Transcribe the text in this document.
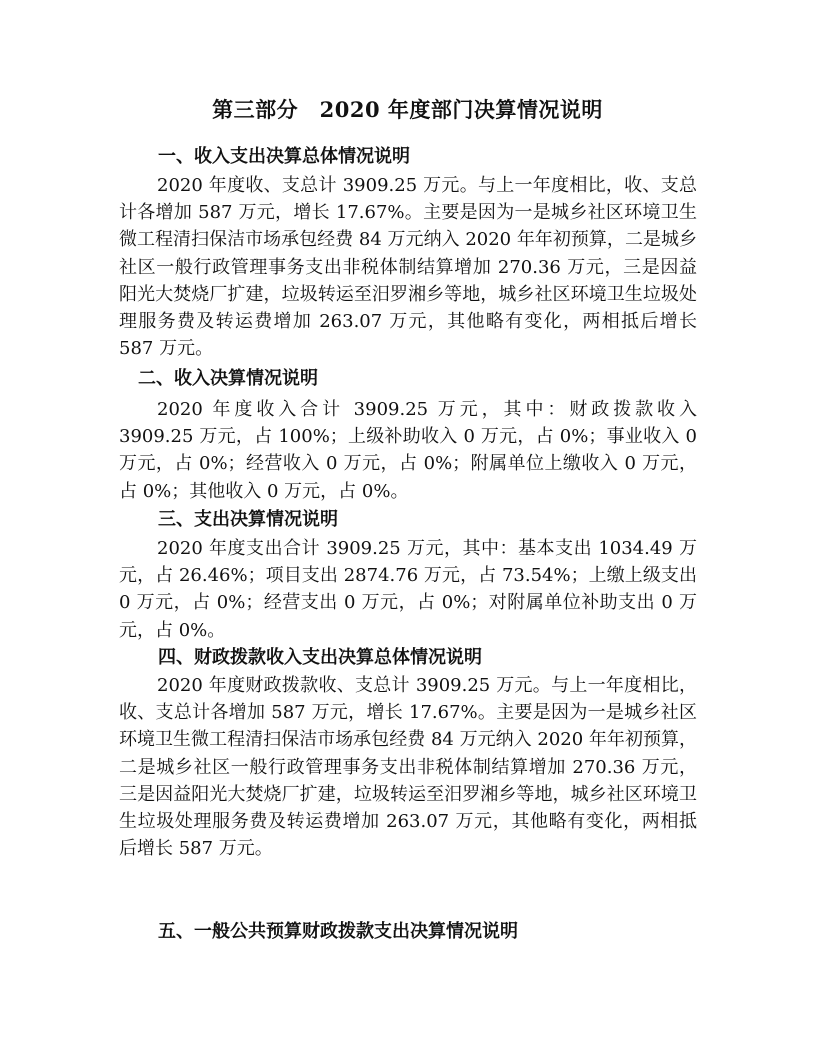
第三部分　2020 年度部门决算情况说明
一、收入支出决算总体情况说明

2020 年度收、支总计 3909.25 万元。与上一年度相比，收、支总计各增加 587 万元，增长 17.67%。主要是因为一是城乡社区环境卫生微工程清扫保洁市场承包经费 84 万元纳入 2020 年年初预算，二是城乡社区一般行政管理事务支出非税体制结算增加 270.36 万元，三是因益阳光大焚烧厂扩建，垃圾转运至汨罗湘乡等地，城乡社区环境卫生垃圾处理服务费及转运费增加 263.07 万元，其他略有变化，两相抵后增长 587 万元。

二、收入决算情况说明

2020 年度收入合计 3909.25 万元，其中：财政拨款收入 3909.25 万元，占 100%；上级补助收入 0 万元，占 0%；事业收入 0 万元，占 0%；经营收入 0 万元，占 0%；附属单位上缴收入 0 万元，占 0%；其他收入 0 万元，占 0%。

三、支出决算情况说明

2020 年度支出合计 3909.25 万元，其中：基本支出 1034.49 万元，占 26.46%；项目支出 2874.76 万元，占 73.54%；上缴上级支出 0 万元，占 0%；经营支出 0 万元，占 0%；对附属单位补助支出 0 万元，占 0%。

四、财政拨款收入支出决算总体情况说明

2020 年度财政拨款收、支总计 3909.25 万元。与上一年度相比，收、支总计各增加 587 万元，增长 17.67%。主要是因为一是城乡社区环境卫生微工程清扫保洁市场承包经费 84 万元纳入 2020 年年初预算，二是城乡社区一般行政管理事务支出非税体制结算增加 270.36 万元，三是因益阳光大焚烧厂扩建，垃圾转运至汨罗湘乡等地，城乡社区环境卫生垃圾处理服务费及转运费增加 263.07 万元，其他略有变化，两相抵后增长 587 万元。

五、一般公共预算财政拨款支出决算情况说明
